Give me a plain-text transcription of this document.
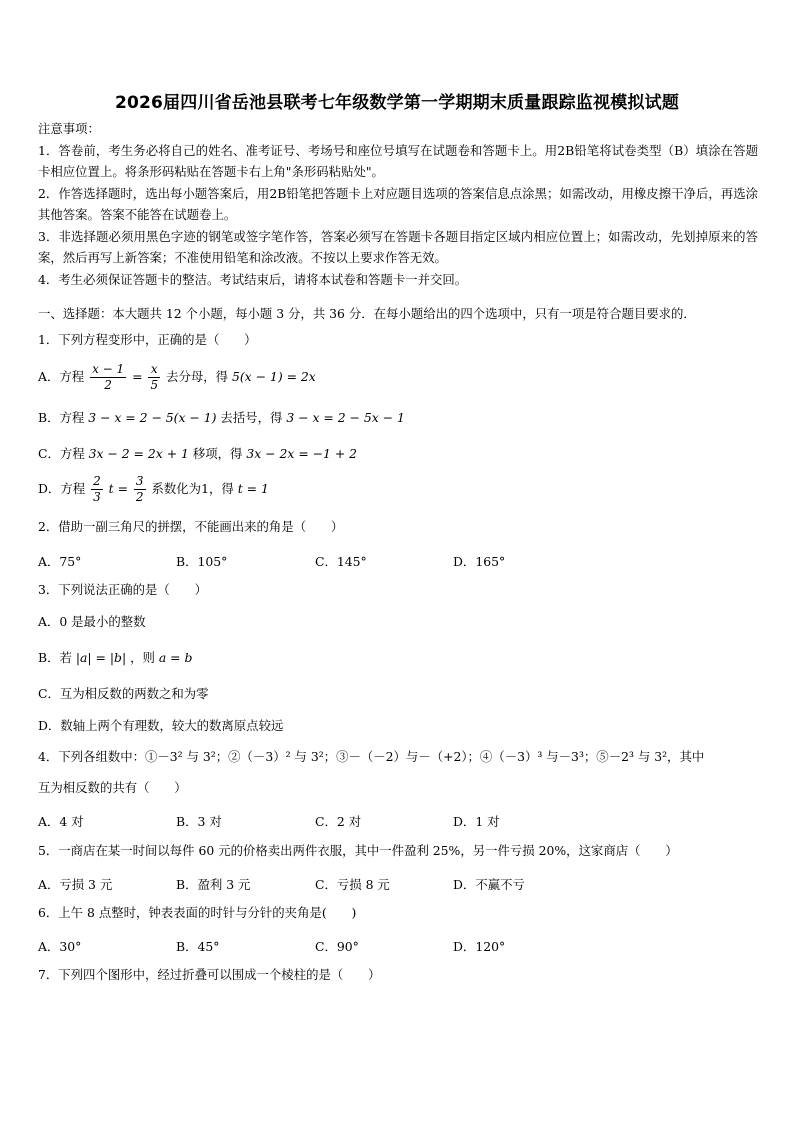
2026届四川省岳池县联考七年级数学第一学期期末质量跟踪监视模拟试题

注意事项：

1．答卷前，考生务必将自己的姓名、准考证号、考场号和座位号填写在试题卷和答题卡上。用2B铅笔将试卷类型（B）填涂在答题卡相应位置上。将条形码粘贴在答题卡右上角"条形码粘贴处"。

2．作答选择题时，选出每小题答案后，用2B铅笔把答题卡上对应题目选项的答案信息点涂黑；如需改动，用橡皮擦干净后，再选涂其他答案。答案不能答在试题卷上。

3．非选择题必须用黑色字迹的钢笔或签字笔作答，答案必须写在答题卡各题目指定区域内相应位置上；如需改动，先划掉原来的答案，然后再写上新答案；不准使用铅笔和涂改液。不按以上要求作答无效。

4．考生必须保证答题卡的整洁。考试结束后，请将本试卷和答题卡一并交回。

一、选择题：本大题共 12 个小题，每小题 3 分，共 36 分．在每小题给出的四个选项中，只有一项是符合题目要求的．
1．下列方程变形中，正确的是（　　）
A．方程 $\frac{x - 1}{2} = \frac{x}{5}$ 去分母，得 5(x − 1) = 2x
B．方程 3 − x = 2 − 5(x − 1) 去括号，得 3 − x = 2 − 5x − 1
C．方程 3x − 2 = 2x + 1 移项，得 3x − 2x = −1 + 2
D．方程 $\frac{2}{3}$ $t = \frac{3}{2}$ 系数化为1，得 t = 1
2．借助一副三角尺的拼摆，不能画出来的角是（　　）
A．75°	B．105°	C．145°	D．165°
3．下列说法正确的是（　　）
A．0 是最小的整数
B．若 |a| = |b| ，则 a = b
C．互为相反数的两数之和为零
D．数轴上两个有理数，较大的数离原点较远
4．下列各组数中：①－3² 与 3²；②（－3）² 与 3²；③－（－2）与－（+2）；④（－3）³ 与－3³；⑤－2³ 与 3²，其中
互为相反数的共有（　　）
A．4 对	B．3 对	C．2 对	D．1 对
5．一商店在某一时间以每件 60 元的价格卖出两件衣服，其中一件盈利 25%，另一件亏损 20%，这家商店（　　）
A．亏损 3 元	B．盈利 3 元	C．亏损 8 元	D．不赢不亏
6．上午 8 点整时，钟表表面的时针与分针的夹角是(　　)
A．30°	B．45°	C．90°	D．120°
7．下列四个图形中，经过折叠可以围成一个棱柱的是（　　）
